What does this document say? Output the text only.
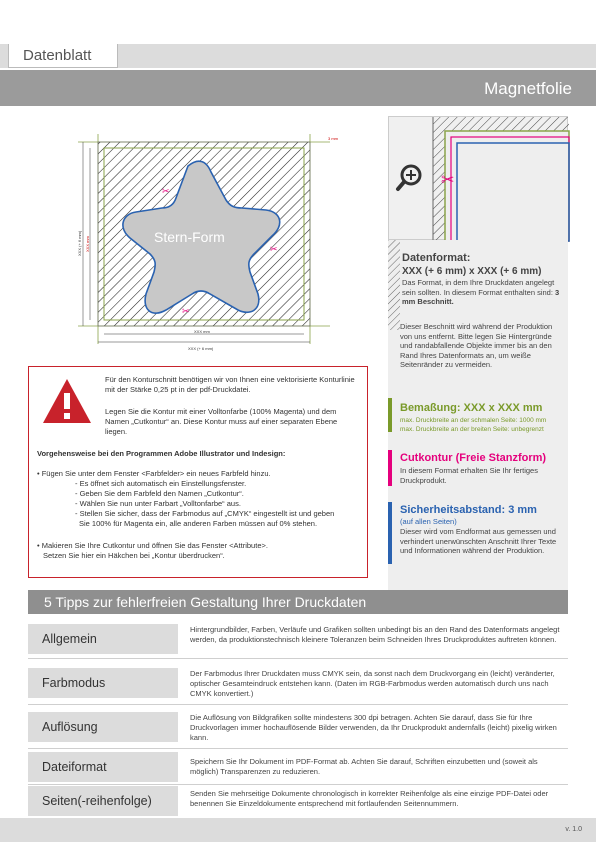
Datenblatt
Magnetfolie
Stern-Form
✂
✂
✂
3 mm
XXX mm
XXX (+ 6 mm)
XXX (+ 6 mm) XXX mm
✂
Datenformat:
XXX (+ 6 mm) x XXX (+ 6 mm)
Das Format, in dem Ihre Druckdaten angelegt sein sollten. In diesem Format enthalten sind: 3 mm Beschnitt.
Dieser Beschnitt wird während der Produktion von uns entfernt. Bitte legen Sie Hintergründe und randabfallende Objekte immer bis an den Rand Ihres Datenformats an, um weiße Seitenränder zu vermeiden.
Bemaßung: XXX x XXX mm
max. Druckbreite an der schmalen Seite: 1000 mm
max. Druckbreite an der breiten Seite: unbegrenzt
Cutkontur (Freie Stanzform)
In diesem Format erhalten Sie Ihr fertiges Druckprodukt.
Sicherheitsabstand: 3 mm
(auf allen Seiten)
Dieser wird vom Endformat aus gemessen und verhindert unerwünschten Anschnitt Ihrer Texte und Informationen während der Produktion.
Für den Konturschnitt benötigen wir von Ihnen eine vektorisierte Konturlinie mit der Stärke 0,25 pt in der pdf-Druckdatei.
Legen Sie die Kontur mit einer Volltonfarbe (100% Magenta) und dem Namen „Cutkontur“ an. Diese Kontur muss auf einer separaten Ebene liegen.
Vorgehensweise bei den Programmen Adobe Illustrator und Indesign:
• Fügen Sie unter dem Fenster <Farbfelder> ein neues Farbfeld hinzu.
- Es öffnet sich automatisch ein Einstellungsfenster.
- Geben Sie dem Farbfeld den Namen „Cutkontur“.
- Wählen Sie nun unter Farbart „Volltonfarbe“ aus.
- Stellen Sie sicher, dass der Farbmodus auf „CMYK“ eingestellt ist und geben
Sie 100% für Magenta ein, alle anderen Farben müssen auf 0% stehen.
• Makieren Sie Ihre Cutkontur und öffnen Sie das Fenster <Attribute>.
Setzen Sie hier ein Häkchen bei „Kontur überdrucken“.
5 Tipps zur fehlerfreien Gestaltung Ihrer Druckdaten
Allgemein
Hintergrundbilder, Farben, Verläufe und Grafiken sollten unbedingt bis an den Rand des Datenformats angelegt werden, da produktionstechnisch kleinere Toleranzen beim Schneiden Ihres Druckproduktes auftreten können.
Farbmodus
Der Farbmodus Ihrer Druckdaten muss CMYK sein, da sonst nach dem Druckvorgang ein (leicht) veränderter, optischer Gesamteindruck entstehen kann. (Daten im RGB-Farbmodus werden automatisch durch uns nach CMYK konvertiert.)
Auflösung
Die Auflösung von Bildgrafiken sollte mindestens 300 dpi betragen. Achten Sie darauf, dass Sie für Ihre Druckvorlagen immer hochauflösende Bilder verwenden, da Ihr Druckprodukt andernfalls (leicht) pixelig wirken kann.
Dateiformat	Speichern Sie Ihr Dokument im PDF-Format ab. Achten Sie darauf, Schriften einzubetten und (soweit als möglich) Transparenzen zu reduzieren.
Seiten(-reihenfolge)
Senden Sie mehrseitige Dokumente chronologisch in korrekter Reihenfolge als eine einzige PDF-Datei oder benennen Sie Einzeldokumente entsprechend mit fortlaufenden Seitennummern.
v. 1.0
